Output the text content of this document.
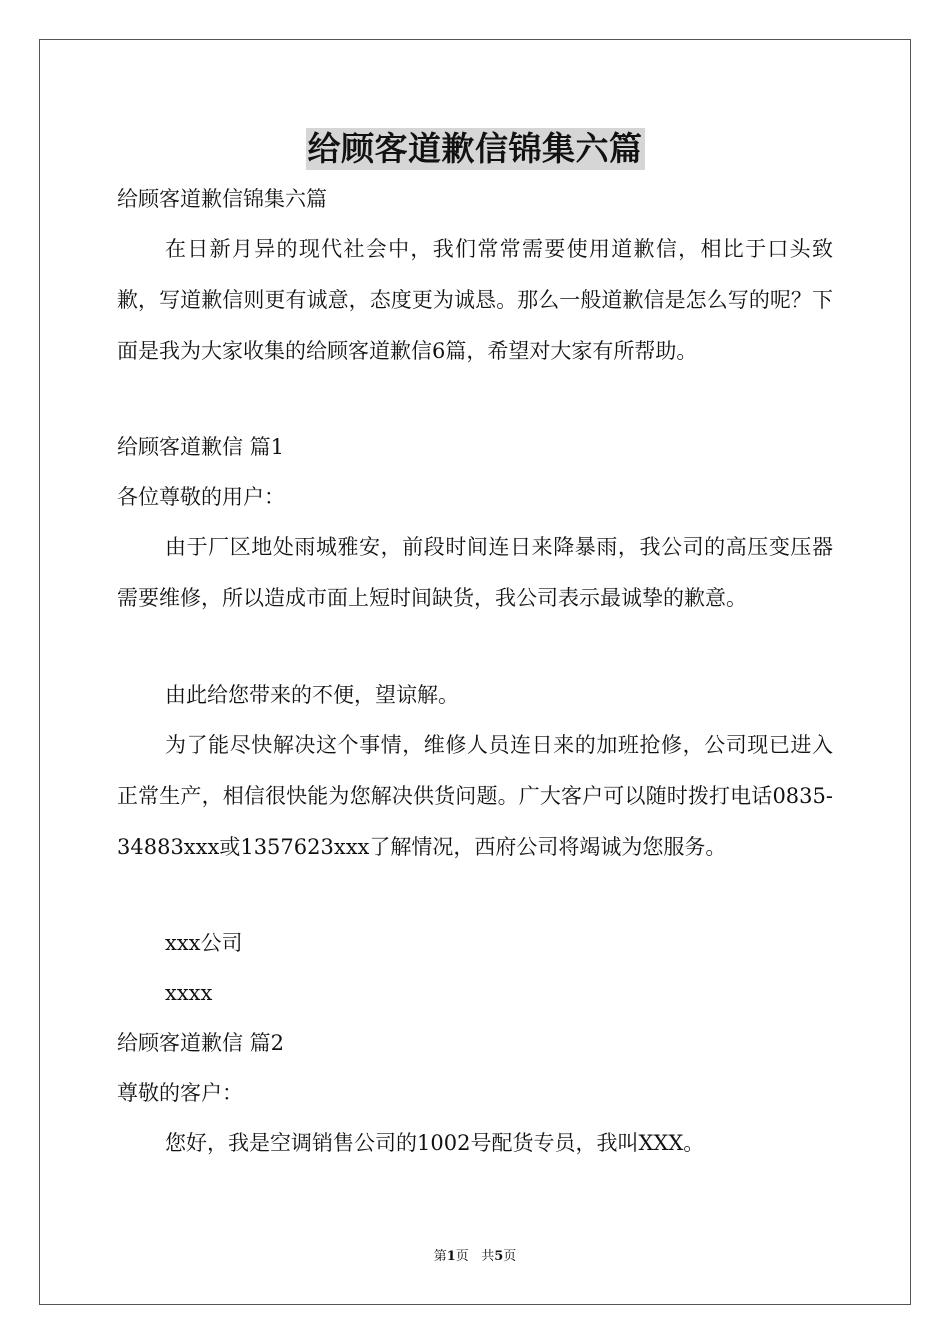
给顾客道歉信锦集六篇

给顾客道歉信锦集六篇

在日新月异的现代社会中，我们常常需要使用道歉信，相比于口头致歉，写道歉信则更有诚意，态度更为诚恳。那么一般道歉信是怎么写的呢？下面是我为大家收集的给顾客道歉信6篇，希望对大家有所帮助。

给顾客道歉信 篇1

各位尊敬的用户：

由于厂区地处雨城雅安，前段时间连日来降暴雨，我公司的高压变压器需要维修，所以造成市面上短时间缺货，我公司表示最诚挚的歉意。

由此给您带来的不便，望谅解。

为了能尽快解决这个事情，维修人员连日来的加班抢修，公司现已进入正常生产，相信很快能为您解决供货问题。广大客户可以随时拨打电话0835-34883xxx或1357623xxx了解情况，西府公司将竭诚为您服务。

xxx公司

xxxx

给顾客道歉信 篇2

尊敬的客户：

您好，我是空调销售公司的1002号配货专员，我叫XXX。

第1页 共5页
